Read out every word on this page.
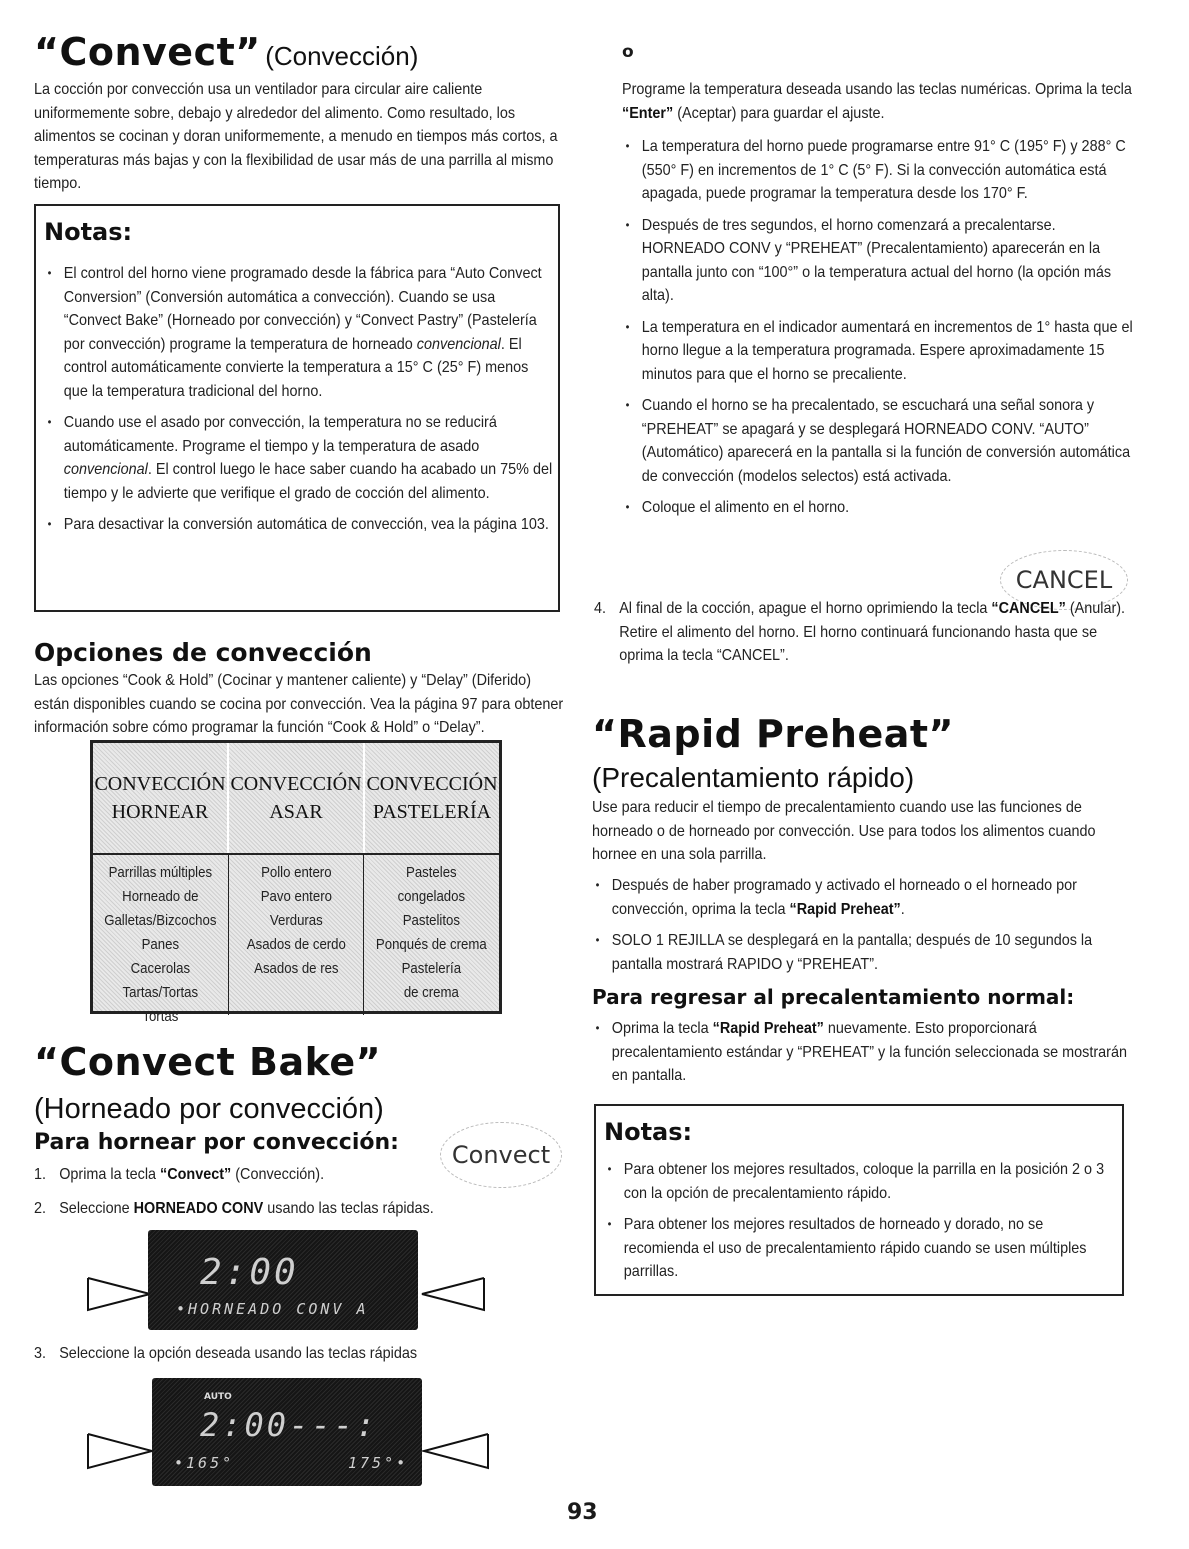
“Convect” (Convección)
La cocción por convección usa un ventilador para circular aire caliente uniformemente sobre, debajo y alrededor del alimento. Como resultado, los alimentos se cocinan y doran uniformemente, a menudo en tiempos más cortos, a temperaturas más bajas y con la flexibilidad de usar más de una parrilla al mismo tiempo.
Notas:
• El control del horno viene programado desde la fábrica para “Auto Convect Conversion” (Conversión automática a convección). Cuando se usa “Convect Bake” (Horneado por convección) y “Convect Pastry” (Pastelería por convección) programe la temperatura de horneado convencional. El control automáticamente convierte la temperatura a 15° C (25° F) menos que la temperatura tradicional del horno.
• Cuando use el asado por convección, la temperatura no se reducirá automáticamente. Programe el tiempo y la temperatura de asado convencional. El control luego le hace saber cuando ha acabado un 75% del tiempo y le advierte que verifique el grado de cocción del alimento.
• Para desactivar la conversión automática de convección, vea la página 103.
Opciones de convección
Las opciones “Cook & Hold” (Cocinar y mantener caliente) y “Delay” (Diferido) están disponibles cuando se cocina por convección. Vea la página 97 para obtener información sobre cómo programar la función “Cook & Hold” o “Delay”.
CONVECCIÓN
HORNEAR
CONVECCIÓN
ASAR
CONVECCIÓN
PASTELERÍA
Parrillas múltiples
Horneado de
Galletas/Bizcochos
Panes
Cacerolas
Tartas/Tortas
Tortas
Pollo entero
Pavo entero
Verduras
Asados de cerdo
Asados de res
Pasteles
congelados
Pastelitos
Ponqués de crema
Pastelería
de crema
“Convect Bake”
(Horneado por convección)
Para hornear por convección:	Convect
1. Oprima la tecla “Convect” (Convección).
2. Seleccione HORNEADO CONV usando las teclas rápidas.
2:00
•HORNEADO CONV A
3. Seleccione la opción deseada usando las teclas rápidas
AUTO
2:00---:
•165°	175°•
o
Programe la temperatura deseada usando las teclas numéricas. Oprima la tecla “Enter” (Aceptar) para guardar el ajuste.
• La temperatura del horno puede programarse entre 91° C (195° F) y 288° C (550° F) en incrementos de 1° C (5° F). Si la convección automática está apagada, puede programar la temperatura desde los 170° F.
• Después de tres segundos, el horno comenzará a precalentarse. HORNEADO CONV y “PREHEAT” (Precalentamiento) aparecerán en la pantalla junto con “100°” o la temperatura actual del horno (la opción más alta).
• La temperatura en el indicador aumentará en incrementos de 1° hasta que el horno llegue a la temperatura programada. Espere aproximadamente 15 minutos para que el horno se precaliente.
• Cuando el horno se ha precalentado, se escuchará una señal sonora y “PREHEAT” se apagará y se desplegará HORNEADO CONV. “AUTO” (Automático) aparecerá en la pantalla si la función de conversión automática de convección (modelos selectos) está activada.
• Coloque el alimento en el horno.
CANCEL
4. Al final de la cocción, apague el horno oprimiendo la tecla “CANCEL” (Anular). Retire el alimento del horno. El horno continuará funcionando hasta que se oprima la tecla “CANCEL”.
“Rapid Preheat”
(Precalentamiento rápido)
Use para reducir el tiempo de precalentamiento cuando use las funciones de horneado o de horneado por convección. Use para todos los alimentos cuando hornee en una sola parrilla.
• Después de haber programado y activado el horneado o el horneado por convección, oprima la tecla “Rapid Preheat”.
• SOLO 1 REJILLA se desplegará en la pantalla; después de 10 segundos la pantalla mostrará RAPIDO y “PREHEAT”.
Para regresar al precalentamiento normal:
• Oprima la tecla “Rapid Preheat” nuevamente. Esto proporcionará precalentamiento estándar y “PREHEAT” y la función seleccionada se mostrarán en pantalla.
Notas:
• Para obtener los mejores resultados, coloque la parrilla en la posición 2 o 3 con la opción de precalentamiento rápido.
• Para obtener los mejores resultados de horneado y dorado, no se recomienda el uso de precalentamiento rápido cuando se usen múltiples parrillas.
93
